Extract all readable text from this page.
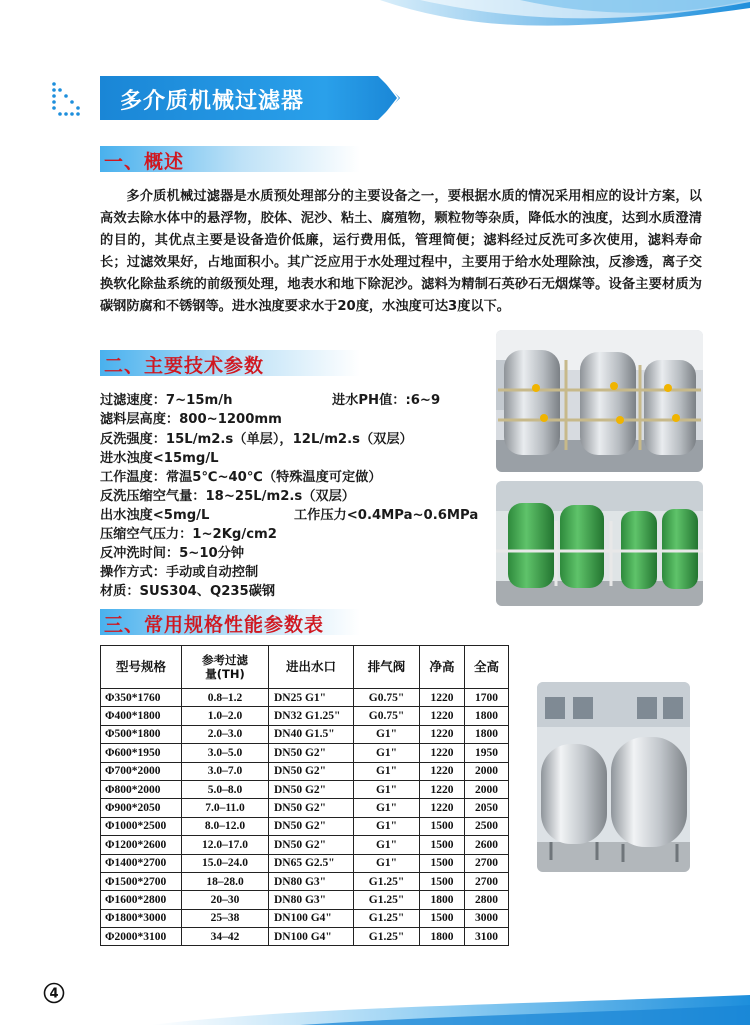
多介质机械过滤器
一、概述

多介质机械过滤器是水质预处理部分的主要设备之一，要根据水质的情况采用相应的设计方案，以高效去除水体中的悬浮物，胶体、泥沙、粘土、腐殖物，颗粒物等杂质，降低水的浊度，达到水质澄清的目的，其优点主要是设备造价低廉，运行费用低，管理简便；滤料经过反洗可多次使用，滤料寿命长；过滤效果好，占地面积小。其广泛应用于水处理过程中，主要用于给水处理除浊，反渗透，离子交换软化除盐系统的前级预处理，地表水和地下除泥沙。滤料为精制石英砂石无烟煤等。设备主要材质为碳钢防腐和不锈钢等。进水浊度要求水于20度，水浊度可达3度以下。

二、主要技术参数
过滤速度：7~15m/h	进水PH值：:6~9
滤料层高度：800~1200mm
反洗强度：15L/m2.s（单层），12L/m2.s（双层）
进水浊度<15mg/L
工作温度：常温5℃~40℃（特殊温度可定做）
反洗压缩空气量：18~25L/m2.s（双层）
出水浊度<5mg/L	工作压力<0.4MPa~0.6MPa
压缩空气压力：1~2Kg/cm2
反冲洗时间：5~10分钟
操作方式：手动或自动控制
材质：SUS304、Q235碳钢
三、常用规格性能参数表
型号规格	参考过滤量(TH)	进出水口	排气阀	净高	全高
Φ350*1760	0.8–1.2	DN25 G1"	G0.75"	1220	1700
Φ400*1800	1.0–2.0	DN32 G1.25"	G0.75"	1220	1800
Φ500*1800	2.0–3.0	DN40 G1.5"	G1"	1220	1800
Φ600*1950	3.0–5.0	DN50 G2"	G1"	1220	1950
Φ700*2000	3.0–7.0	DN50 G2"	G1"	1220	2000
Φ800*2000	5.0–8.0	DN50 G2"	G1"	1220	2000
Φ900*2050	7.0–11.0	DN50 G2"	G1"	1220	2050
Φ1000*2500	8.0–12.0	DN50 G2"	G1"	1500	2500
Φ1200*2600	12.0–17.0	DN50 G2"	G1"	1500	2600
Φ1400*2700	15.0–24.0	DN65 G2.5"	G1"	1500	2700
Φ1500*2700	18–28.0	DN80 G3"	G1.25"	1500	2700
Φ1600*2800	20–30	DN80 G3"	G1.25"	1800	2800
Φ1800*3000	25–38	DN100 G4"	G1.25"	1500	3000
Φ2000*3100	34–42	DN100 G4"	G1.25"	1800	3100
4
